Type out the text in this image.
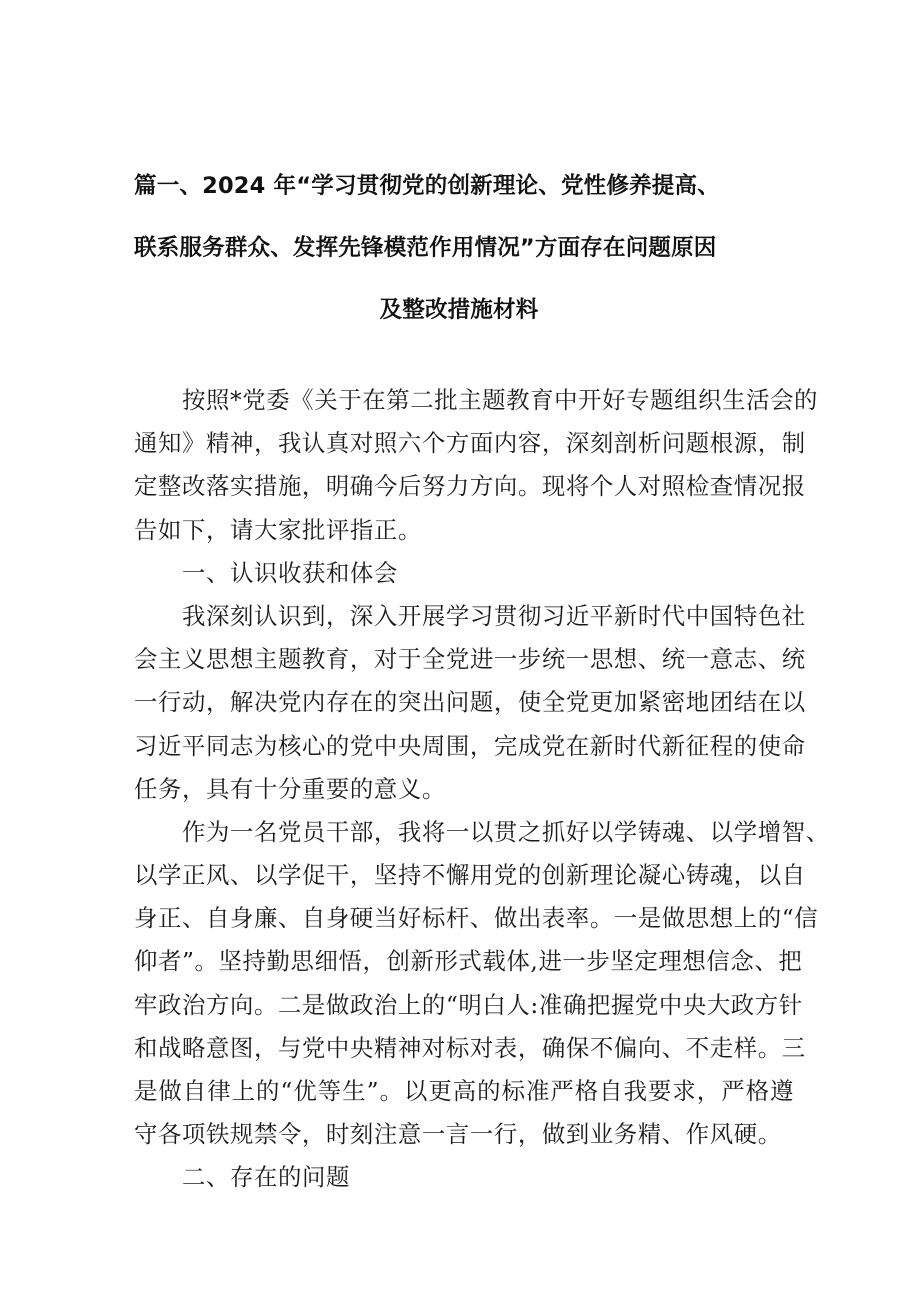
篇一、2024 年“学习贯彻党的创新理论、党性修养提高、
联系服务群众、发挥先锋模范作用情况”方面存在问题原因
及整改措施材料
按照*党委《关于在第二批主题教育中开好专题组织生活会的
通知》精神，我认真对照六个方面内容，深刻剖析问题根源，制
定整改落实措施，明确今后努力方向。现将个人对照检查情况报
告如下，请大家批评指正。
一、认识收获和体会
我深刻认识到，深入开展学习贯彻习近平新时代中国特色社
会主义思想主题教育，对于全党进一步统一思想、统一意志、统
一行动，解决党内存在的突出问题，使全党更加紧密地团结在以
习近平同志为核心的党中央周围，完成党在新时代新征程的使命
任务，具有十分重要的意义。
作为一名党员干部，我将一以贯之抓好以学铸魂、以学增智、
以学正风、以学促干，坚持不懈用党的创新理论凝心铸魂，以自
身正、自身廉、自身硬当好标杆、做出表率。一是做思想上的“信
仰者”。坚持勤思细悟，创新形式载体,进一步坚定理想信念、把
牢政治方向。二是做政治上的“明白人:准确把握党中央大政方针
和战略意图，与党中央精神对标对表，确保不偏向、不走样。三
是做自律上的“优等生”。以更高的标准严格自我要求，严格遵
守各项铁规禁令，时刻注意一言一行，做到业务精、作风硬。
二、存在的问题
